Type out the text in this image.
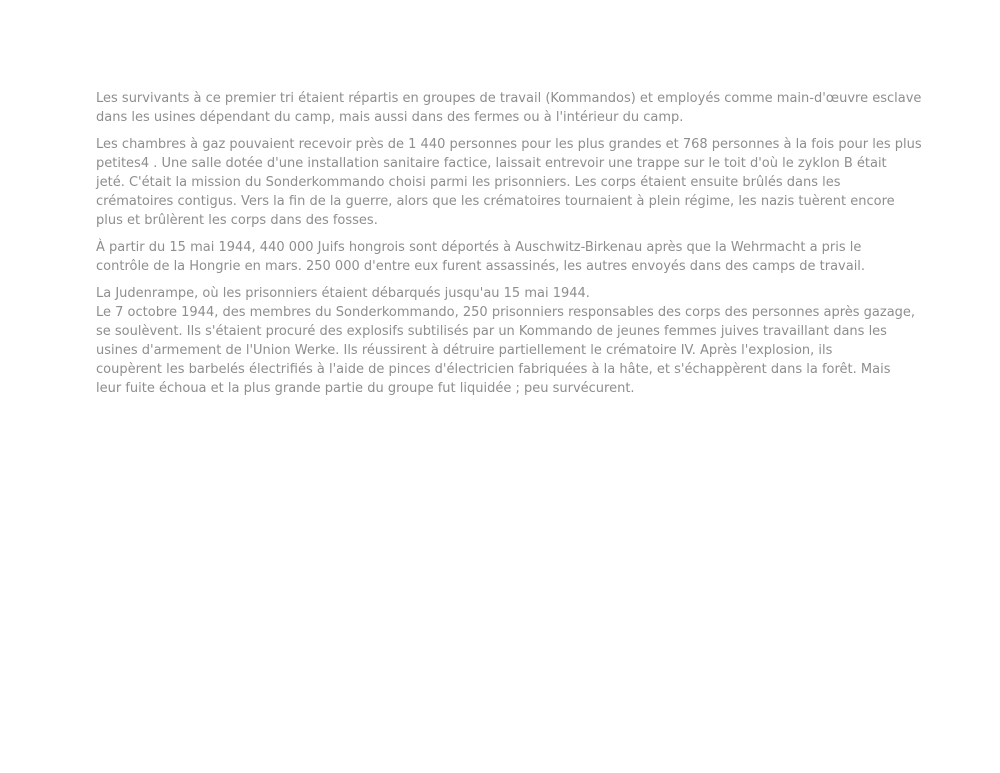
Les survivants à ce premier tri étaient répartis en groupes de travail (Kommandos) et employés comme main-d'œuvre esclave
dans les usines dépendant du camp, mais aussi dans des fermes ou à l'intérieur du camp.

Les chambres à gaz pouvaient recevoir près de 1 440 personnes pour les plus grandes et 768 personnes à la fois pour les plus
petites4 . Une salle dotée d'une installation sanitaire factice, laissait entrevoir une trappe sur le toit d'où le zyklon B était
jeté. C'était la mission du Sonderkommando choisi parmi les prisonniers. Les corps étaient ensuite brûlés dans les
crématoires contigus. Vers la fin de la guerre, alors que les crématoires tournaient à plein régime, les nazis tuèrent encore
plus et brûlèrent les corps dans des fosses.

À partir du 15 mai 1944, 440 000 Juifs hongrois sont déportés à Auschwitz-Birkenau après que la Wehrmacht a pris le
contrôle de la Hongrie en mars. 250 000 d'entre eux furent assassinés, les autres envoyés dans des camps de travail.

La Judenrampe, où les prisonniers étaient débarqués jusqu'au 15 mai 1944.
Le 7 octobre 1944, des membres du Sonderkommando, 250 prisonniers responsables des corps des personnes après gazage,
se soulèvent. Ils s'étaient procuré des explosifs subtilisés par un Kommando de jeunes femmes juives travaillant dans les
usines d'armement de l'Union Werke. Ils réussirent à détruire partiellement le crématoire IV. Après l'explosion, ils
coupèrent les barbelés électrifiés à l'aide de pinces d'électricien fabriquées à la hâte, et s'échappèrent dans la forêt. Mais
leur fuite échoua et la plus grande partie du groupe fut liquidée ; peu survécurent.
